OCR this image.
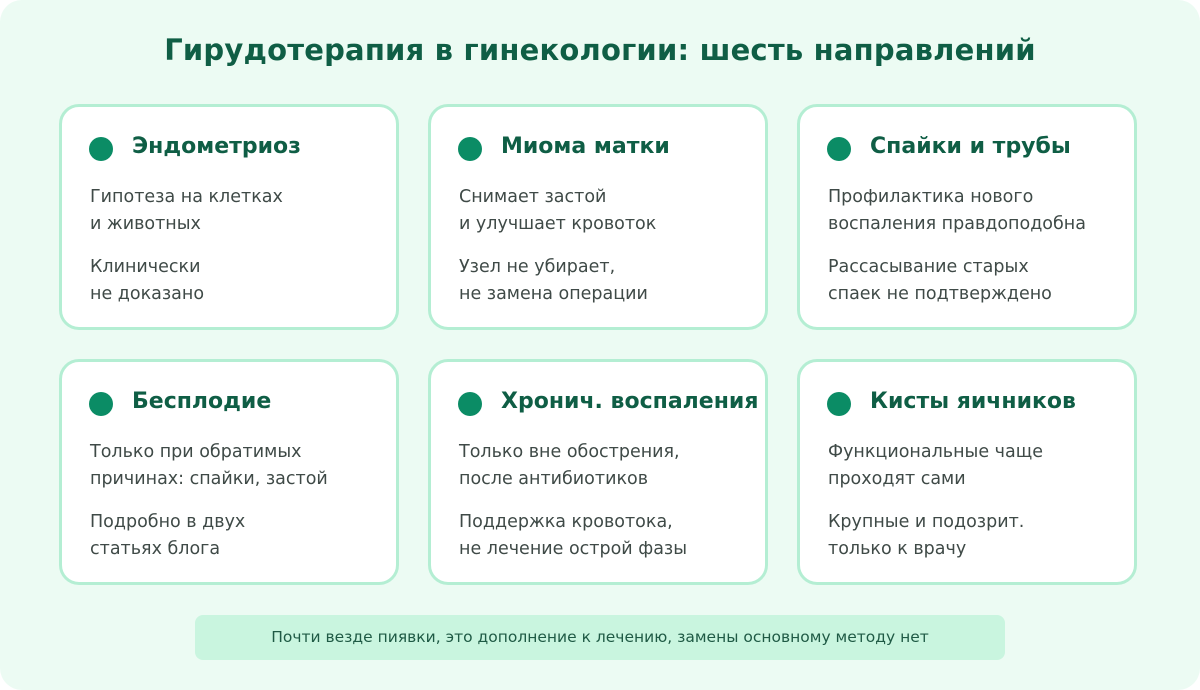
Гирудотерапия в гинекологии: шесть направлений
Эндометриоз
Гипотеза на клетках
и животных
Клинически
не доказано
Миома матки
Снимает застой
и улучшает кровоток
Узел не убирает,
не замена операции
Спайки и трубы
Профилактика нового
воспаления правдоподобна
Рассасывание старых
спаек не подтверждено
Бесплодие
Только при обратимых
причинах: спайки, застой
Подробно в двух
статьях блога
Хронич. воспаления
Только вне обострения,
после антибиотиков
Поддержка кровотока,
не лечение острой фазы
Кисты яичников
Функциональные чаще
проходят сами
Крупные и подозрит.
только к врачу
Почти везде пиявки, это дополнение к лечению, замены основному методу нет
